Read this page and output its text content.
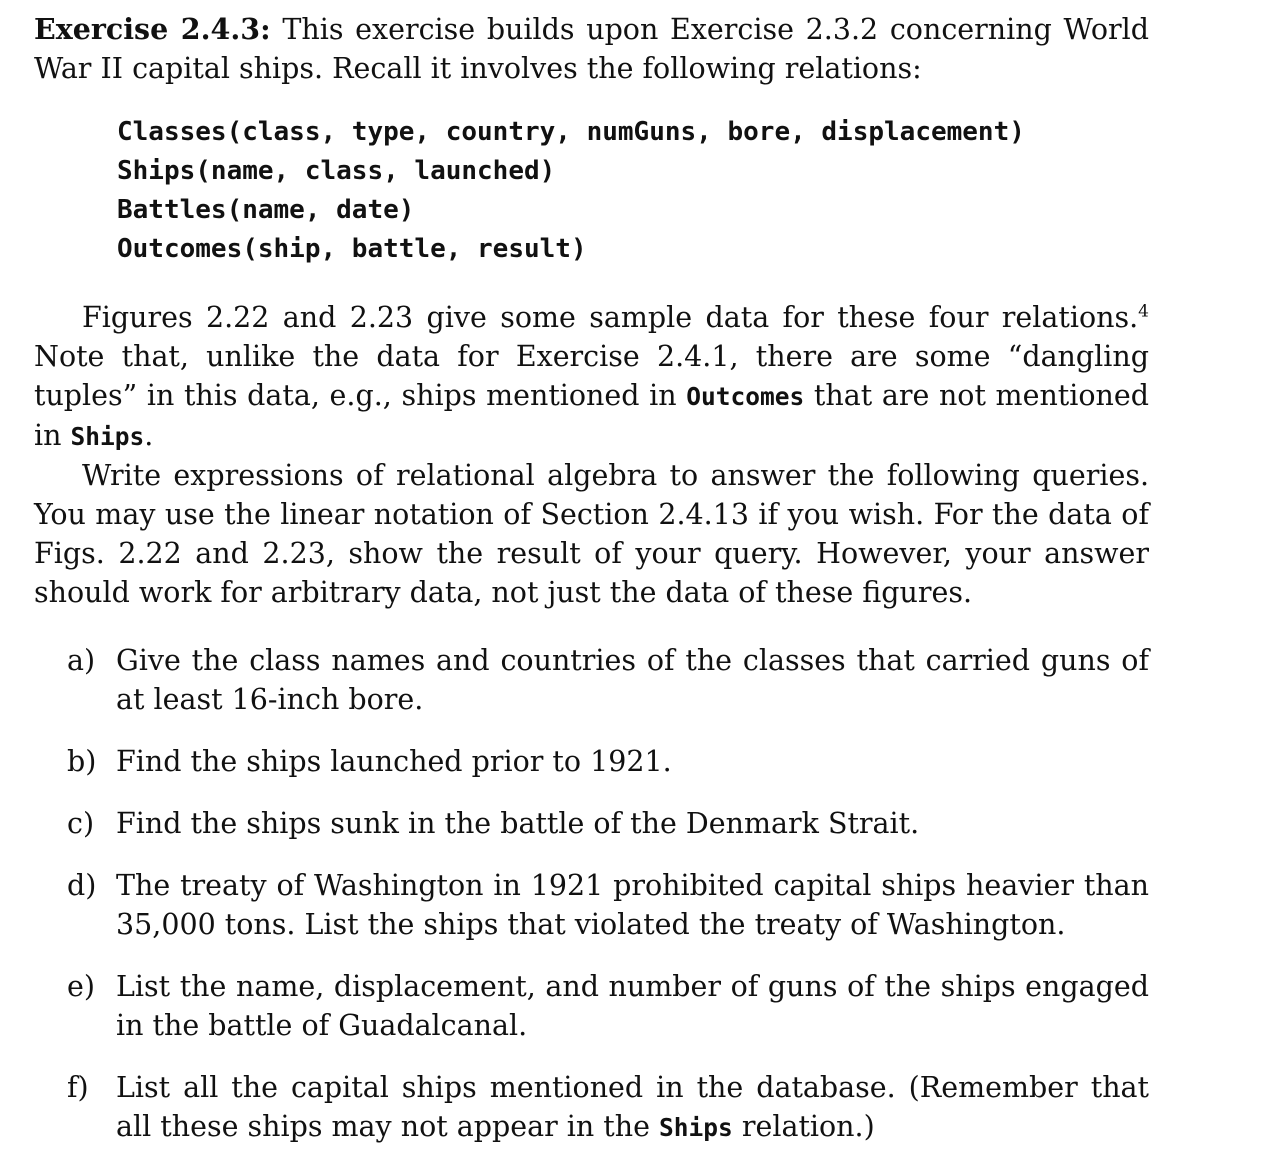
Exercise 2.4.3: This exercise builds upon Exercise 2.3.2 concerning World War II capital ships. Recall it involves the following relations:

Classes(class, type, country, numGuns, bore, displacement)
Ships(name, class, launched)
Battles(name, date)
Outcomes(ship, battle, result)

Figures 2.22 and 2.23 give some sample data for these four relations.$^4$ Note that, unlike the data for Exercise 2.4.1, there are some “dangling tuples” in this data, e.g., ships mentioned in Outcomes that are not mentioned in Ships.

Write expressions of relational algebra to answer the following queries. You may use the linear notation of Section 2.4.13 if you wish. For the data of Figs. 2.22 and 2.23, show the result of your query. However, your answer should work for arbitrary data, not just the data of these figures.

a) Give the class names and countries of the classes that carried guns of at least 16-inch bore.
b) Find the ships launched prior to 1921.
c) Find the ships sunk in the battle of the Denmark Strait.
d) The treaty of Washington in 1921 prohibited capital ships heavier than 35,000 tons. List the ships that violated the treaty of Washington.
e) List the name, displacement, and number of guns of the ships engaged in the battle of Guadalcanal.
f) List all the capital ships mentioned in the database. (Remember that all these ships may not appear in the Ships relation.)
